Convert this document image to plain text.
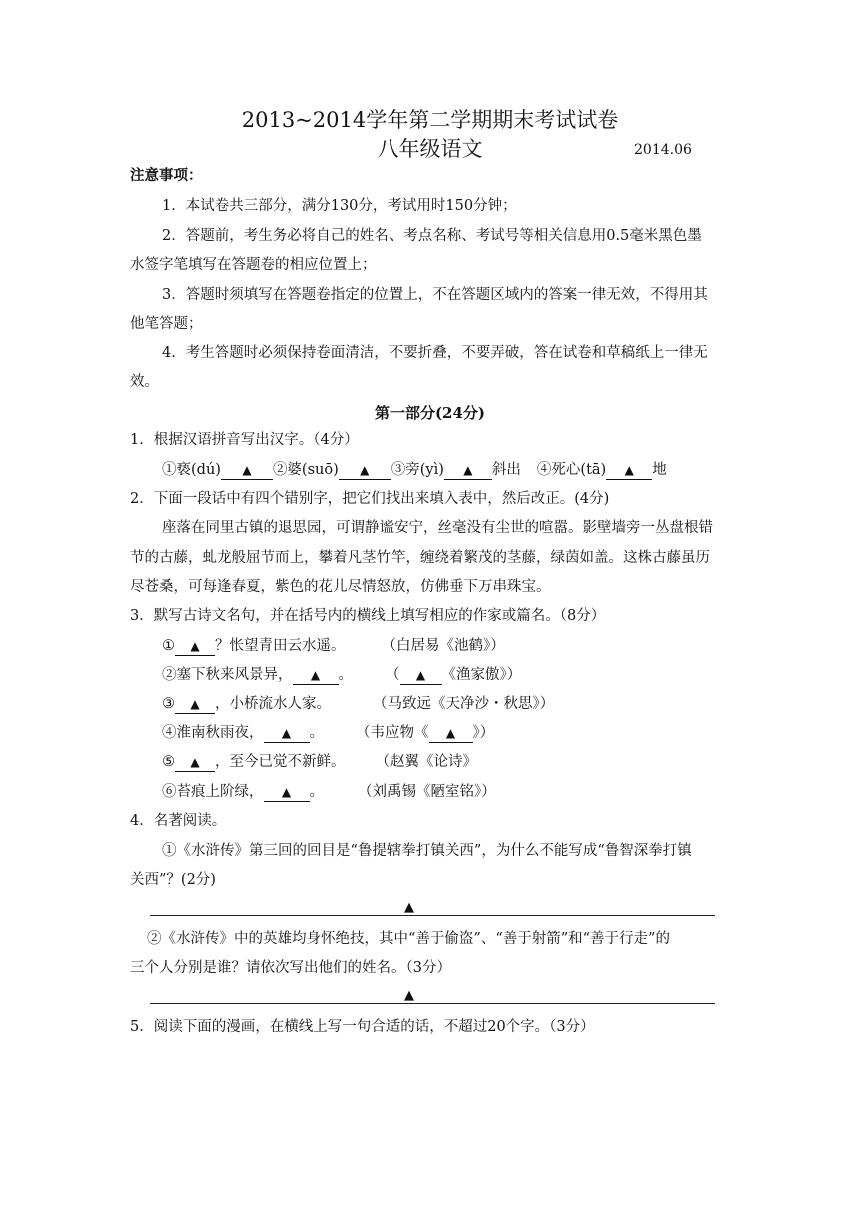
2013~2014学年第二学期期末考试试卷
八年级语文	2014.06
注意事项：
1．本试卷共三部分，满分130分，考试用时150分钟；
2．答题前，考生务必将自己的姓名、考点名称、考试号等相关信息用0.5毫米黑色墨
水签字笔填写在答题卷的相应位置上；
3．答题时须填写在答题卷指定的位置上，不在答题区域内的答案一律无效，不得用其
他笔答题；
4．考生答题时必须保持卷面清洁，不要折叠，不要弄破，答在试卷和草稿纸上一律无
效。
第一部分(24分)
1．根据汉语拼音写出汉字。（4分）
①亵(dú) ▲ ②婆(suō) ▲ ③旁(yì) ▲ 斜出 ④死心(tā) ▲ 地
2．下面一段话中有四个错别字，把它们找出来填入表中，然后改正。(4分)
座落在同里古镇的退思园，可谓静谧安宁，丝毫没有尘世的喧嚣。影壁墙旁一丛盘根错
节的古藤，虬龙般屈节而上，攀着凡茎竹竿，缠绕着繁茂的茎藤，绿茵如盖。这株古藤虽历
尽苍桑，可每逢春夏，紫色的花儿尽情怒放，仿佛垂下万串珠宝。
3．默写古诗文名句，并在括号内的横线上填写相应的作家或篇名。（8分）
① ▲ ？怅望青田云水遥。 （白居易《池鹤》）
②塞下秋来风景异， ▲ 。 （ ▲ 《渔家傲》）
③ ▲ ，小桥流水人家。	（马致远《天净沙・秋思》）
④淮南秋雨夜， ▲ 。 （韦应物《 ▲ 》）
⑤ ▲ ，至今已觉不新鲜。 （赵翼《论诗》
⑥苔痕上阶绿， ▲ 。 （刘禹锡《陋室铭》）
4．名著阅读。
①《水浒传》第三回的回目是“鲁提辖拳打镇关西”，为什么不能写成“鲁智深拳打镇
关西”？(2分)
▲
②《水浒传》中的英雄均身怀绝技，其中“善于偷盗”、“善于射箭”和“善于行走”的
三个人分别是谁？请依次写出他们的姓名。（3分）
▲
5．阅读下面的漫画，在横线上写一句合适的话，不超过20个字。（3分）
